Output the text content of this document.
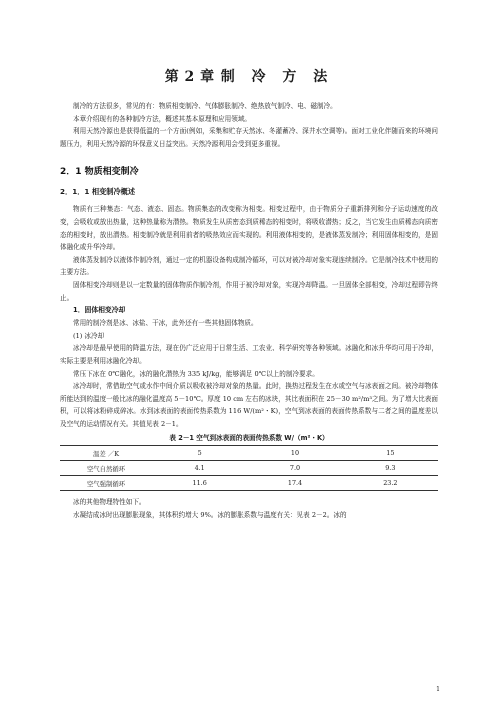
第 2 章 制 冷 方 法

制冷的方法很多，常见的有：物质相变制冷、气体膨胀制冷、绝热放气制冷、电、磁制冷。

本章介绍现有的各种制冷方法，概述其基本原理和应用领域。

利用天然冷源也是获得低温的一个方面(例如，采集和贮存天然冰、冬灌蓄冷、深井水空调等)。面对工业化伴随而来的环境问题压力，利用天然冷源的环保意义日益突出。天然冷源利用会受到更多重视。

2．1 物质相变制冷
2．1．1 相变制冷概述

物质有三种集态：气态、液态、固态。物质集态的改变称为相变。相变过程中，由于物质分子重新排列和分子运动速度的改变，会吸收或放出热量，这种热量称为潜热。物质发生从质密态到质稀态的相变时，将吸收潜热；反之，当它发生由质稀态向质密态的相变时，放出潜热。相变制冷就是利用前者的吸热效应而实现的。利用液体相变的，是液体蒸发制冷；利用固体相变的，是固体融化或升华冷却。

液体蒸发制冷以液体作制冷剂，通过一定的机器设备构成制冷循环，可以对被冷却对象实现连续制冷。它是制冷技术中使用的主要方法。

固体相变冷却则是以一定数量的固体物质作制冷剂，作用于被冷却对象，实现冷却降温。一旦固体全部相变，冷却过程即告终止。

1．固体相变冷却

常用的制冷剂是冰、冰盐、干冰，此外还有一些其他固体物质。

(1) 冰冷却

冰冷却是最早使用的降温方法，现在仍广泛应用于日常生活、工农业、科学研究等各种领域。冰融化和冰升华均可用于冷却，实际主要是利用冰融化冷却。

常压下冰在 0℃融化，冰的融化潜热为 335 kJ/kg，能够满足 0℃以上的制冷要求。

冰冷却时，常借助空气或水作中间介质以吸收被冷却对象的热量。此时，换热过程发生在水或空气与冰表面之间。被冷却物体所能达到的温度一般比冰的融化温度高 5－10℃。厚度 10 cm 左右的冰块，其比表面积在 25－30 m²/m³之间。为了增大比表面积，可以将冰粉碎成碎冰。水到冰表面的表面传热系数为 116 W/(m²・K)，空气到冰表面的表面传热系数与二者之间的温度差以及空气的运动情况有关。其值见表 2－1。

表 2－1 空气到冰表面的表面传热系数 W/（m²・K）
温差 ／K	5	10	15
空气自然循环	4.1	7.0	9.3
空气强制循环	11.6	17.4	23.2

冰的其他物理特性如下。

水凝结成冰时出现膨胀现象，其体积约增大 9%。冰的膨胀系数与温度有关：见表 2－2。冰的

1
